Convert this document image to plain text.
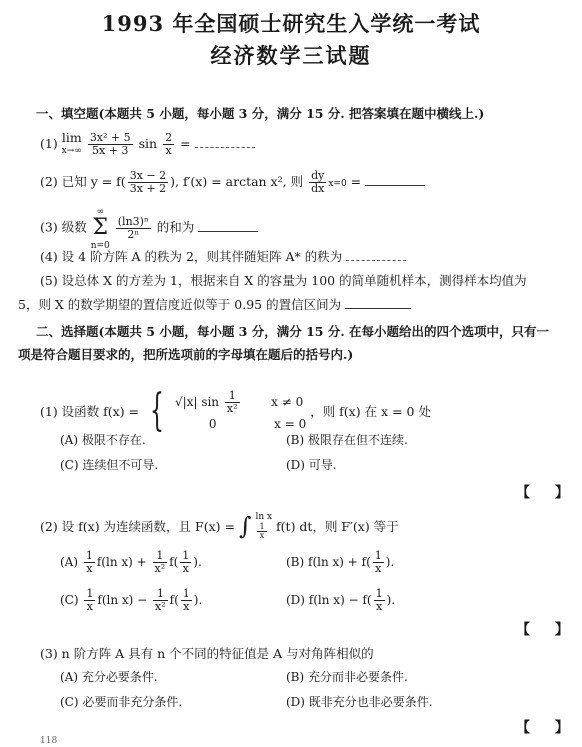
1993 年全国硕士研究生入学统一考试
经济数学三试题
一、填空题(本题共 5 小题，每小题 3 分，满分 15 分. 把答案填在题中横线上.)
(1) lim
$x\to\infty \frac{\text{3x² + 5}}{5x + 3}$ $\sin \frac{2}{x}$ =
(2) 已知 $y = f( \frac{3x - 2}{3x + 2}$ ), f′(x) = arctan x², 则 $\frac{dy}{dx} x=0$ =
(3) 级数 ∞
Σ
n=0
$\frac{\text{(ln3)ⁿ}}{\text{2ⁿ}}$ 的和为
(4) 设 4 阶方阵 A 的秩为 2，则其伴随矩阵 A* 的秩为
(5) 设总体 X 的方差为 1，根据来自 X 的容量为 100 的简单随机样本，测得样本均值为
5，则 X 的数学期望的置信度近似等于 0.95 的置信区间为
二、选择题(本题共 5 小题，每小题 3 分，满分 15 分. 在每小题给出的四个选项中，只有一
项是符合题目要求的，把所选项前的字母填在题后的括号内.)
(1) 设函数 f(x) = { √|x| $\sin \frac{1}{\text{x²}}$	x ≠ 0
0	x = 0
，则 f(x) 在 x = 0 处
(A) 极限不存在.	(B) 极限存在但不连续.
(C) 连续但不可导.	(D) 可导.
【 】
(2) 设 f(x) 为连续函数，且 F(x) = ∫ ln x

$\frac{1}{x} f(t)$ dt，则 F′(x) 等于
$(A) \frac{1}{x} f(\ln$ $x) + \frac{1}{\text{x²}} f( \frac{1}{x}$ ).	(B) f(ln $x) + f( \frac{1}{x}$ ).
$(C) \frac{1}{x} f(\ln$ $x) - \frac{1}{\text{x²}} f( \frac{1}{x}$ ).	(D) f(ln $x) - f( \frac{1}{x}$ ).
【 】
(3) n 阶方阵 A 具有 n 个不同的特征值是 A 与对角阵相似的
(A) 充分必要条件.	(B) 充分而非必要条件.
(C) 必要而非充分条件.	(D) 既非充分也非必要条件.
【 】
118
